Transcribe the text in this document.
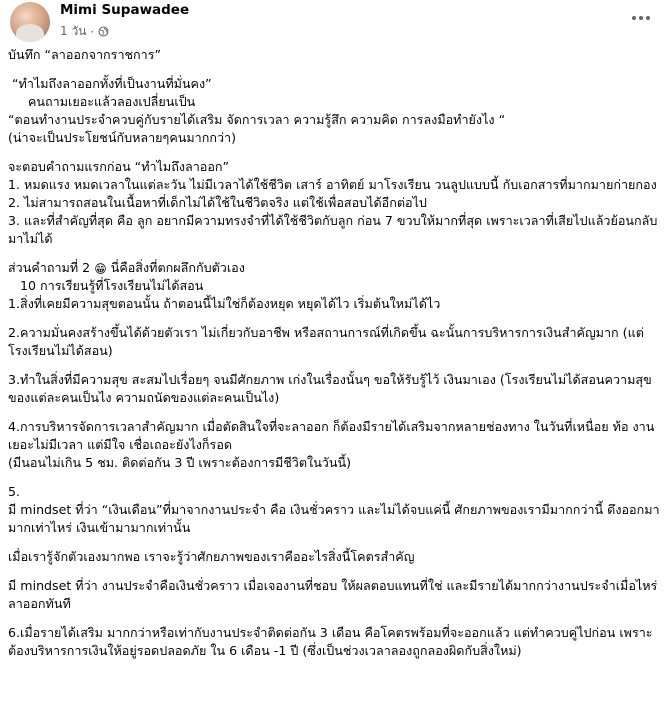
Mimi Supawadee
1 วัน ·

บันทึก “ลาออกจากราชการ”

“ทำไมถึงลาออกทั้งที่เป็นงานที่มั่นคง”

คนถามเยอะแล้วลองเปลี่ยนเป็น

“ตอนทำงานประจำควบคู่กับรายได้เสริม จัดการเวลา ความรู้สึก ความคิด การลงมือทำยังไง “

(น่าจะเป็นประโยชน์กับหลายๆคนมากกว่า)

จะตอบคำถามแรกก่อน “ทำไมถึงลาออก”

1. หมดแรง หมดเวลาในแต่ละวัน ไม่มีเวลาได้ใช้ชีวิต เสาร์ อาทิตย์ มาโรงเรียน วนลูปแบบนี้ กับเอกสารที่มากมายก่ายกอง

2. ไม่สามารถสอนในเนื้อหาที่เด็กไม่ได้ใช้ในชีวิตจริง แต่ใช้เพื่อสอบได้อีกต่อไป

3. และที่สำคัญที่สุด คือ ลูก อยากมีความทรงจำที่ได้ใช้ชีวิตกับลูก ก่อน 7 ขวบให้มากที่สุด เพราะเวลาที่เสียไปแล้วย้อนกลับมาไม่ได้

ส่วนคำถามที่ 2 😁 นี่คือสิ่งที่ตกผลึกกับตัวเอง

10 การเรียนรู้ที่โรงเรียนไม่ได้สอน

1.สิ่งที่เคยมีความสุขตอนนั้น ถ้าตอนนี้ไม่ใช่ก็ต้องหยุด หยุดได้ไว เริ่มต้นใหม่ได้ไว

2.ความมั่นคงสร้างขึ้นได้ด้วยตัวเรา ไม่เกี่ยวกับอาชีพ หรือสถานการณ์ที่เกิดขึ้น ฉะนั้นการบริหารการเงินสำคัญมาก (แต่โรงเรียนไม่ได้สอน)

3.ทำในสิ่งที่มีความสุข สะสมไปเรื่อยๆ จนมีศักยภาพ เก่งในเรื่องนั้นๆ ขอให้รับรู้ไว้ เงินมาเอง (โรงเรียนไม่ได้สอนความสุขของแต่ละคนเป็นไง ความถนัดของแต่ละคนเป็นไง)

4.การบริหารจัดการเวลาสำคัญมาก เมื่อตัดสินใจที่จะลาออก ก็ต้องมีรายได้เสริมจากหลายช่องทาง ในวันที่เหนื่อย ท้อ งานเยอะไม่มีเวลา แต่มีใจ เชื่อเถอะยังไงก็รอด

(มีนอนไม่เกิน 5 ชม. ติดต่อกัน 3 ปี เพราะต้องการมีชีวิตในวันนี้)

5.

มี mindset ที่ว่า “เงินเดือน”ที่มาจากงานประจำ คือ เงินชั่วคราว และไม่ได้จบแค่นี้ ศักยภาพของเรามีมากกว่านี้ ดึงออกมามากเท่าไหร่ เงินเข้ามามากเท่านั้น

เมื่อเรารู้จักตัวเองมากพอ เราจะรู้ว่าศักยภาพของเราคืออะไรสิ่งนี้โคตรสำคัญ

มี mindset ที่ว่า งานประจำคือเงินชั่วคราว เมื่อเจองานที่ชอบ ให้ผลตอบแทนที่ใช่ และมีรายได้มากกว่างานประจำเมื่อไหร่ ลาออกทันที

6.เมื่อรายได้เสริม มากกว่าหรือเท่ากับงานประจำติดต่อกัน 3 เดือน คือโคตรพร้อมที่จะออกแล้ว แต่ทำควบคู่ไปก่อน เพราะต้องบริหารการเงินให้อยู่รอดปลอดภัย ใน 6 เดือน -1 ปี (ซึ่งเป็นช่วงเวลาลองถูกลองผิดกับสิ่งใหม่)
